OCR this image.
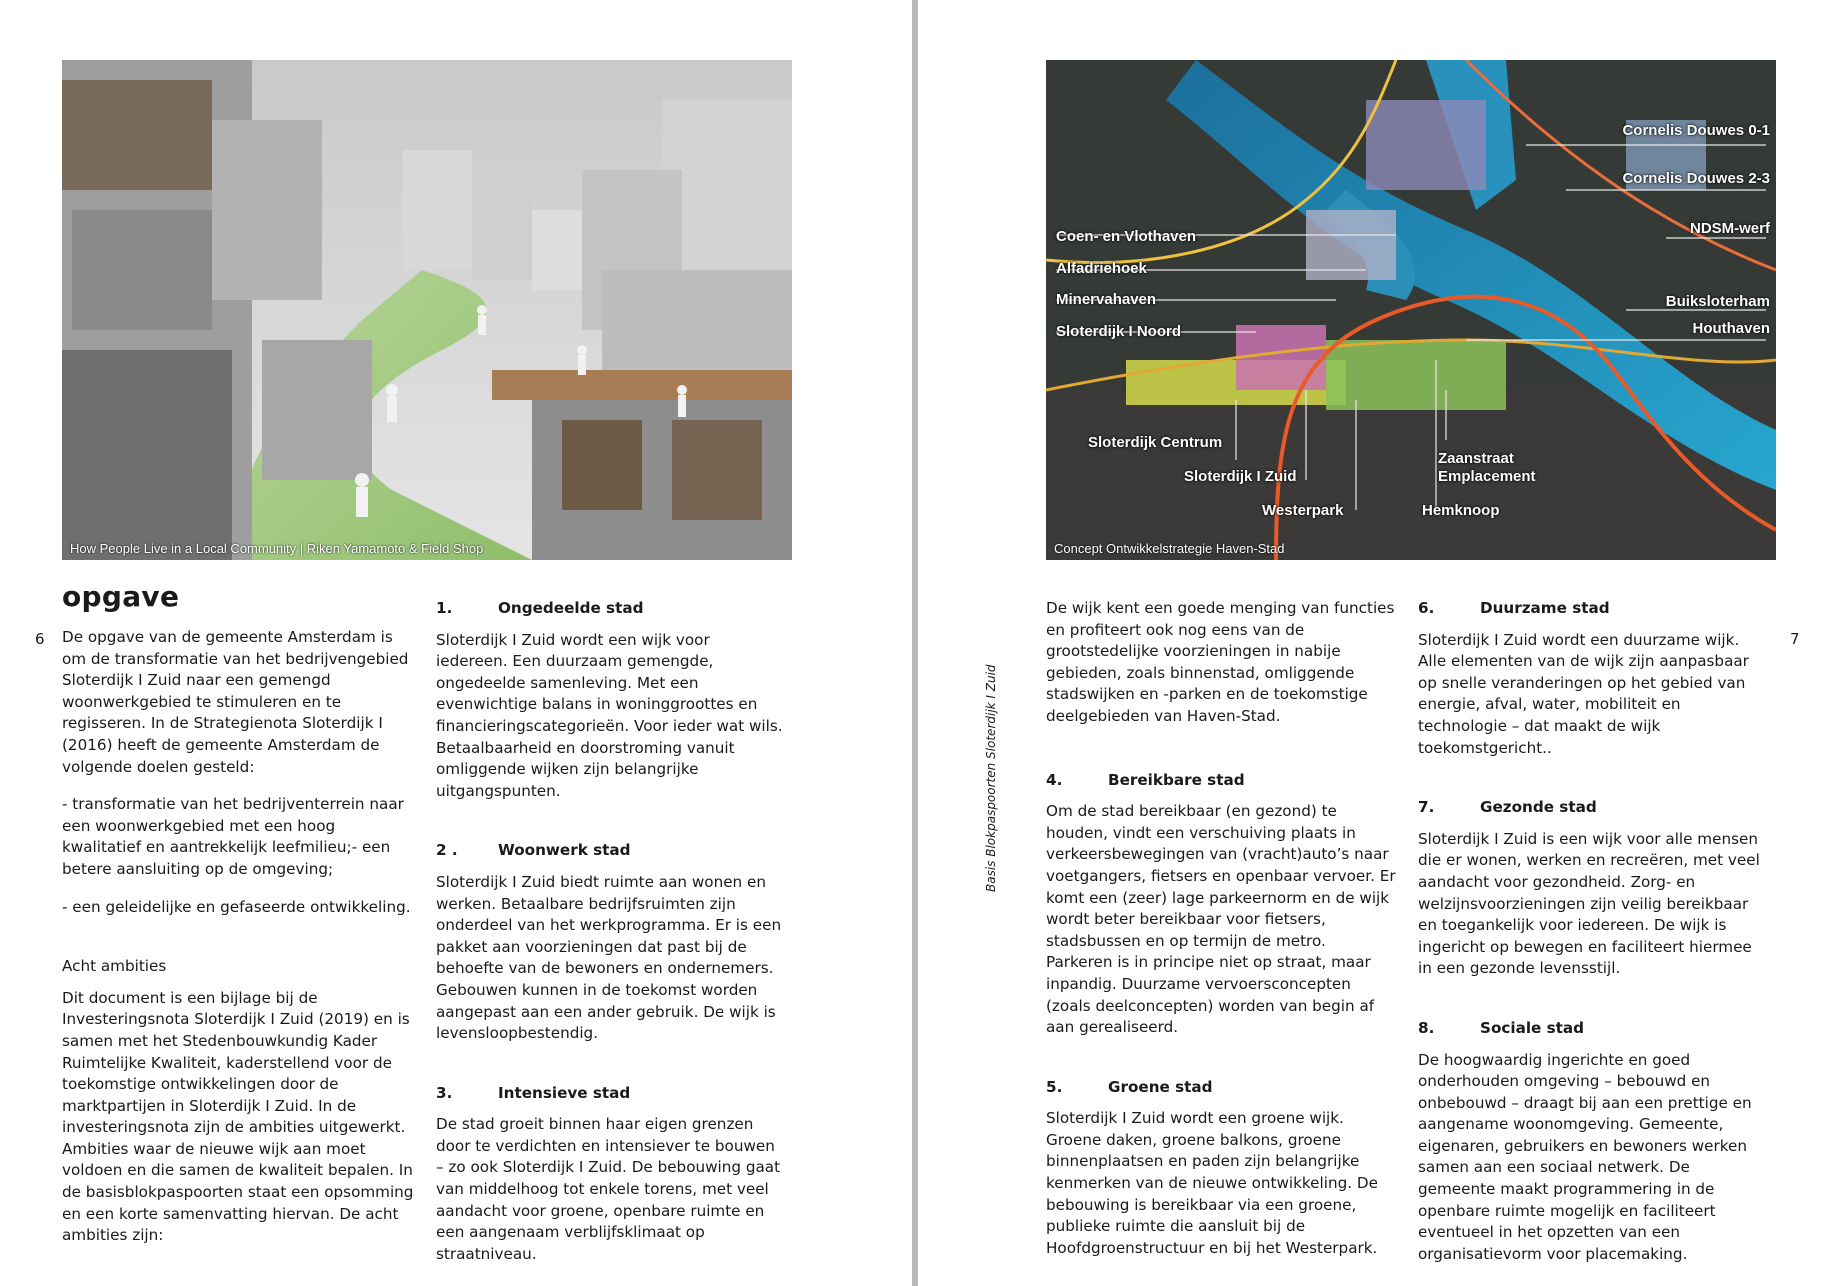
How People Live in a Local Community | Riken Yamamoto & Field Shop
opgave
6 De opgave van de gemeente Amsterdam is om de transformatie van het bedrijvengebied Sloterdijk I Zuid naar een gemengd woonwerkgebied te stimuleren en te regisseren. In de Strategienota Sloterdijk I (2016) heeft de gemeente Amsterdam de volgende doelen gesteld:

- transformatie van het bedrijventerrein naar een woonwerkgebied met een hoog kwalitatief en aantrekkelijk leefmilieu;- een betere aansluiting op de omgeving;

- een geleidelijke en gefaseerde ontwikkeling.

Acht ambities

Dit document is een bijlage bij de Investeringsnota Sloterdijk I Zuid (2019) en is samen met het Stedenbouwkundig Kader Ruimtelijke Kwaliteit, kaderstellend voor de toekomstige ontwikkelingen door de marktpartijen in Sloterdijk I Zuid. In de investeringsnota zijn de ambities uitgewerkt. Ambities waar de nieuwe wijk aan moet voldoen en die samen de kwaliteit bepalen. In de basisblokpaspoorten staat een opsomming en een korte samenvatting hiervan. De acht ambities zijn:

1.	Ongedeelde stad

Sloterdijk I Zuid wordt een wijk voor iedereen. Een duurzaam gemengde, ongedeelde samenleving. Met een evenwichtige balans in woninggroottes en financieringscategorieën. Voor ieder wat wils. Betaalbaarheid en doorstroming vanuit omliggende wijken zijn belangrijke uitgangspunten.

2 .	Woonwerk stad

Sloterdijk I Zuid biedt ruimte aan wonen en werken. Betaalbare bedrijfsruimten zijn onderdeel van het werkprogramma. Er is een pakket aan voorzieningen dat past bij de behoefte van de bewoners en ondernemers. Gebouwen kunnen in de toekomst worden aangepast aan een ander gebruik. De wijk is levensloopbestendig.

3.	Intensieve stad

De stad groeit binnen haar eigen grenzen door te verdichten en intensiever te bouwen – zo ook Sloterdijk I Zuid. De bebouwing gaat van middelhoog tot enkele torens, met veel aandacht voor groene, openbare ruimte en een aangenaam verblijfsklimaat op straatniveau.

Cornelis Douwes 0-1
Cornelis Douwes 2-3
NDSM-werf
Coen- en Vlothaven
Alfadriehoek
Minervahaven
Sloterdijk I Noord
Buiksloterham
Houthaven
Sloterdijk Centrum
Sloterdijk I Zuid
Zaanstraat
Emplacement
Westerpark	Hemknoop
Concept Ontwikkelstrategie Haven-Stad
Basis Blokpaspoorten Sloterdijk I Zuid
7

De wijk kent een goede menging van functies en profiteert ook nog eens van de grootstedelijke voorzieningen in nabije gebieden, zoals binnenstad, omliggende stadswijken en -parken en de toekomstige deelgebieden van Haven-Stad.

4.	Bereikbare stad

Om de stad bereikbaar (en gezond) te houden, vindt een verschuiving plaats in verkeersbewegingen van (vracht)auto’s naar voetgangers, fietsers en openbaar vervoer. Er komt een (zeer) lage parkeernorm en de wijk wordt beter bereikbaar voor fietsers, stadsbussen en op termijn de metro. Parkeren is in principe niet op straat, maar inpandig. Duurzame vervoersconcepten (zoals deelconcepten) worden van begin af aan gerealiseerd.

5.	Groene stad

Sloterdijk I Zuid wordt een groene wijk. Groene daken, groene balkons, groene binnenplaatsen en paden zijn belangrijke kenmerken van de nieuwe ontwikkeling. De bebouwing is bereikbaar via een groene, publieke ruimte die aansluit bij de Hoofdgroenstructuur en bij het Westerpark.

6.	Duurzame stad

Sloterdijk I Zuid wordt een duurzame wijk. Alle elementen van de wijk zijn aanpasbaar op snelle veranderingen op het gebied van energie, afval, water, mobiliteit en technologie – dat maakt de wijk toekomstgericht..

7.	Gezonde stad

Sloterdijk I Zuid is een wijk voor alle mensen die er wonen, werken en recreëren, met veel aandacht voor gezondheid. Zorg- en welzijnsvoorzieningen zijn veilig bereikbaar en toegankelijk voor iedereen. De wijk is ingericht op bewegen en faciliteert hiermee in een gezonde levensstijl.

8.	Sociale stad

De hoogwaardig ingerichte en goed onderhouden omgeving – bebouwd en onbebouwd – draagt bij aan een prettige en aangename woonomgeving. Gemeente, eigenaren, gebruikers en bewoners werken samen aan een sociaal netwerk. De gemeente maakt programmering in de openbare ruimte mogelijk en faciliteert eventueel in het opzetten van een organisatievorm voor placemaking.
